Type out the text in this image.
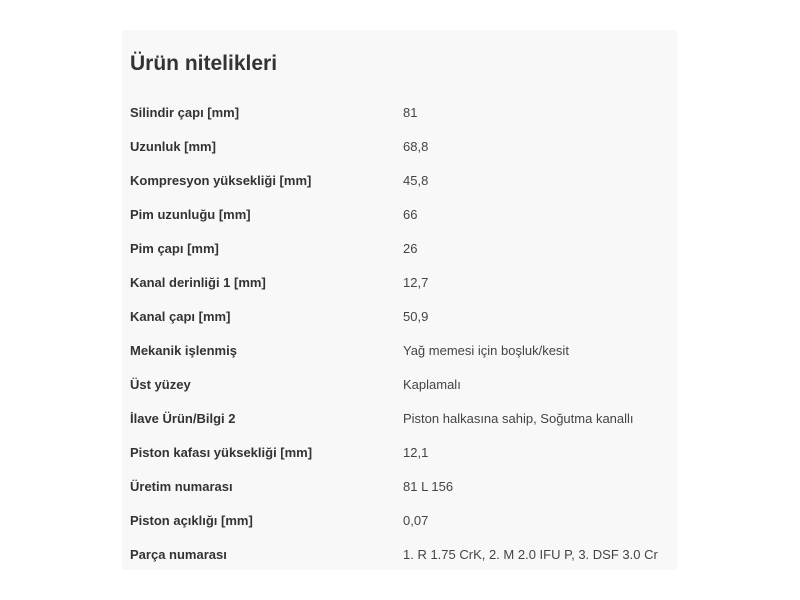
Ürün nitelikleri
Silindir çapı [mm]	81
Uzunluk [mm]	68,8
Kompresyon yüksekliği [mm]	45,8
Pim uzunluğu [mm]	66
Pim çapı [mm]	26
Kanal derinliği 1 [mm]	12,7
Kanal çapı [mm]	50,9
Mekanik işlenmiş	Yağ memesi için boşluk/kesit
Üst yüzey	Kaplamalı
İlave Ürün/Bilgi 2	Piston halkasına sahip, Soğutma kanallı
Piston kafası yüksekliği [mm]	12,1
Üretim numarası	81 L 156
Piston açıklığı [mm]	0,07
Parça numarası	1. R 1.75 CrK, 2. M 2.0 IFU P, 3. DSF 3.0 Cr
